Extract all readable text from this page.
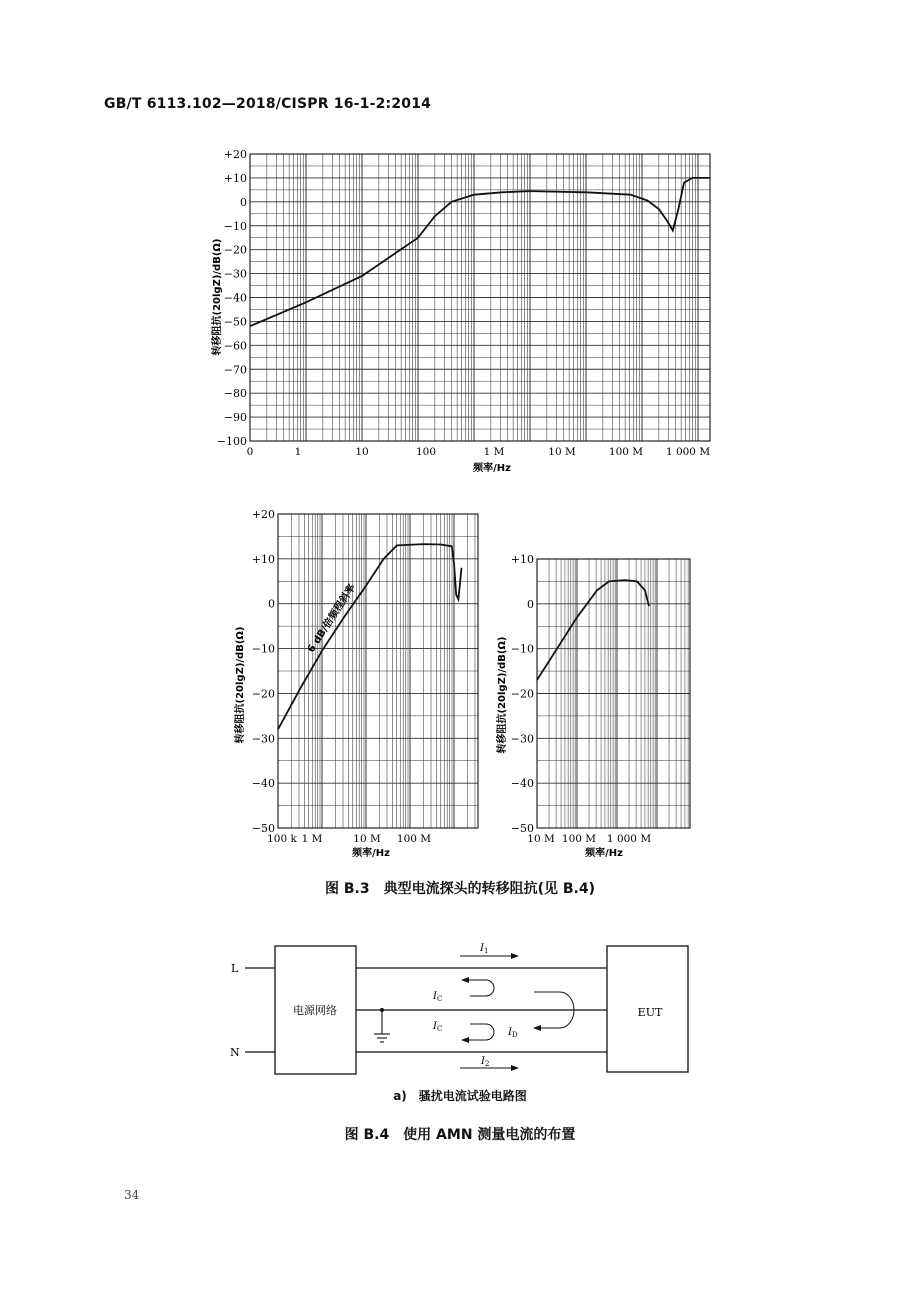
GB/T 6113.102—2018/CISPR 16-1-2:2014
+20
+10
0
−10
−20
−30
−40
−50
−60
−70
−80
−90
−100
0	1	10	100	1 M	10 M	100 M 1 000 M
转移阻抗(20lgZ)/dB(Ω)
频率/Hz
+20
+10
0
−10
−20
−30
−40
−50
100 k 1 M	10 M 100 M
6 dB/倍频程斜率
转移阻抗(20lgZ)/dB(Ω)
频率/Hz
+10
0
−10
−20
−30
−40
−50
10 M 100 M 1 000 M
转移阻抗(20lgZ)/dB(Ω)
频率/Hz
图 B.3　典型电流探头的转移阻抗(见 B.4)
L
N
电源网络	EUT
$I_1$
$I_2$
$I_C$
$I_C$	$I_D$
a)　骚扰电流试验电路图
图 B.4　使用 AMN 测量电流的布置
34
